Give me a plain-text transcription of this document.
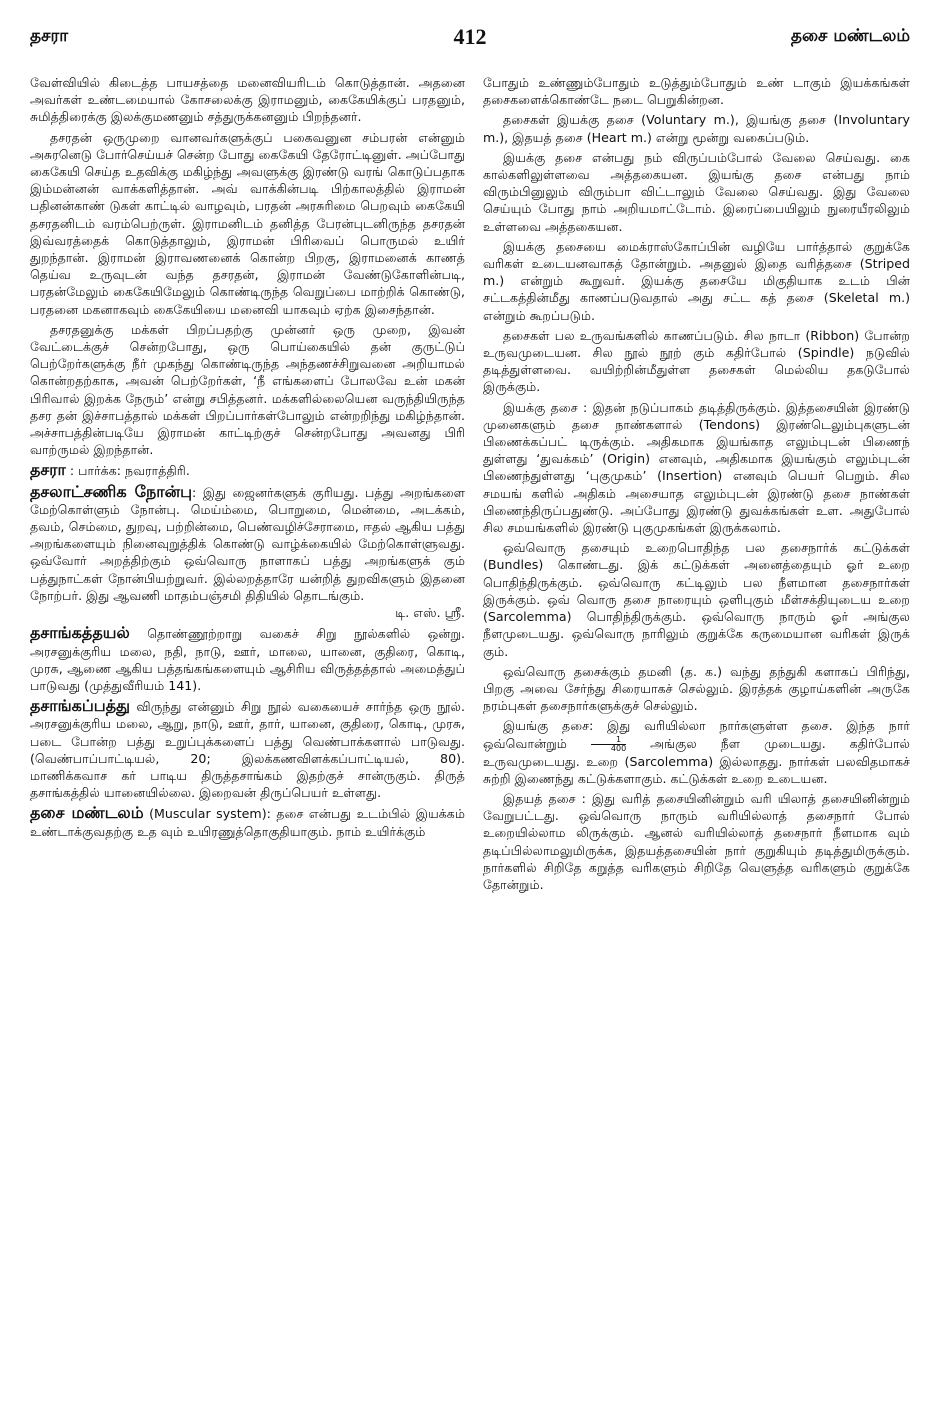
தசரா	412	தசை மண்டலம்

வேள்வியில் கிடைத்த பாயசத்தை மனைவியரிடம் கொடுத்தான். அதனை அவர்கள் உண்டமையால் கோசலைக்கு இராமனும், கைகேயிக்குப் பரதனும், சுமித்திரைக்கு இலக்குமணனும் சத்துருக்கனனும் பிறந்தனர்.

தசரதன் ஒருமுறை வானவர்களுக்குப் பகைவனுன சம்பரன் என்னும் அசுரனெடு போர்செய்யச் சென்ற போது கைகேயி தேரோட்டினுள். அப்போது கைகேயி செய்த உதவிக்கு மகிழ்ந்து அவளுக்கு இரண்டு வரங் கொடுப்பதாக இம்மன்னன் வாக்களித்தான். அவ் வாக்கின்படி பிற்காலத்தில் இராமன் பதினன்காண் டுகள் காட்டில் வாழவும், பரதன் அரசுரிமை பெறவும் கைகேயி தசரதனிடம் வரம்பெற்ருள். இராமனிடம் தனித்த பேரன்புடனிருந்த தசரதன் இவ்வரத்தைக் கொடுத்தாலும், இராமன் பிரிவைப் பொருமல் உயிர் துறந்தான். இராமன் இராவணனைக் கொன்ற பிறகு, இராமனைக் காணத் தெய்வ உருவுடன் வந்த தசரதன், இராமன் வேண்டுகோளின்படி, பரதன்மேலும் கைகேயிமேலும் கொண்டிருந்த வெறுப்பை மாற்றிக் கொண்டு, பரதனை மகனாகவும் கைகேயியை மனைவி யாகவும் ஏற்க இசைந்தான்.

தசரதனுக்கு மக்கள் பிறப்பதற்கு முன்னர் ஒரு முறை, இவன் வேட்டைக்குச் சென்றபோது, ஒரு பொய்கையில் தன் குருட்டுப் பெற்றேர்களுக்கு நீர் முகந்து கொண்டிருந்த அந்தணச்சிறுவனை அறியாமல் கொன்றதற்காக, அவன் பெற்றேர்கள், ‘நீ எங்களைப் போலவே உன் மகன் பிரிவால் இறக்க நேரும்’ என்று சபித்தனர். மக்களில்லையென வருந்தியிருந்த தசர தன் இச்சாபத்தால் மக்கள் பிறப்பார்கள்போலும் என்றறிந்து மகிழ்ந்தான். அச்சாபத்தின்படியே இராமன் காட்டிற்குச் சென்றபோது அவனது பிரி வாற்ருமல் இறந்தான்.

தசரா : பார்க்க: நவராத்திரி.

தசலாட்சணிக நோன்பு: இது ஜைனர்களுக் குரியது. பத்து அறங்களை மேற்கொள்ளும் நோன்பு. மெய்ம்மை, பொறுமை, மென்மை, அடக்கம், தவம், செம்மை, துறவு, பற்றின்மை, பெண்வழிச்சேராமை, ஈதல் ஆகிய பத்து அறங்களையும் நினைவுறுத்திக் கொண்டு வாழ்க்கையில் மேற்கொள்ளுவது. ஒவ்வோர் அறத்திற்கும் ஒவ்வொரு நாளாகப் பத்து அறங்களுக் கும் பத்துநாட்கள் நோன்பியற்றுவர். இல்லறத்தாரே யன்றித் துறவிகளும் இதனை நோற்பர். இது ஆவணி மாதம்பஞ்சமி திதியில் தொடங்கும்.
டி. எஸ். ஸ்ரீ.

தசாங்கத்தயல் தொண்ணூற்றாறு வகைச் சிறு நூல்களில் ஒன்று. அரசனுக்குரிய மலை, நதி, நாடு, ஊர், மாலை, யானை, குதிரை, கொடி, முரசு, ஆணை ஆகிய பத்தங்கங்களையும் ஆசிரிய விருத்தத்தால் அமைத்துப் பாடுவது (முத்துவீரியம் 141).

தசாங்கப்பத்து விருந்து என்னும் சிறு நூல் வகையைச் சார்ந்த ஒரு நூல். அரசனுக்குரிய மலை, ஆறு, நாடு, ஊர், தார், யானை, குதிரை, கொடி, முரசு, படை போன்ற பத்து உறுப்புக்களைப் பத்து வெண்பாக்களால் பாடுவது. (வெண்பாப்பாட்டியல், 20; இலக்கணவிளக்கப்பாட்டியல், 80). மாணிக்கவாச கர் பாடிய திருத்தசாங்கம் இதற்குச் சான்ருகும். திருத் தசாங்கத்தில் யானையில்லை. இறைவன் திருப்பெயர் உள்ளது.

தசை மண்டலம் (Muscular system): தசை என்பது உடம்பில் இயக்கம் உண்டாக்குவதற்கு உத வும் உயிரணுத்தொகுதியாகும். நாம் உயிர்க்கும்

போதும் உண்ணும்போதும் உடுத்தும்போதும் உண் டாகும் இயக்கங்கள் தசைகளைக்கொண்டே நடை பெறுகின்றன.

தசைகள் இயக்கு தசை (Voluntary m.), இயங்கு தசை (Involuntary m.), இதயத் தசை (Heart m.) என்று மூன்று வகைப்படும்.

இயக்கு தசை என்பது நம் விருப்பம்போல் வேலை செய்வது. கை கால்களிலுள்ளவை அத்தகையன. இயங்கு தசை என்பது நாம் விரும்பினுலும் விரும்பா விட்டாலும் வேலை செய்வது. இது வேலை செய்யும் போது நாம் அறியமாட்டோம். இரைப்பையிலும் நுரையீரலிலும் உள்ளவை அத்தகையன.

இயக்கு தசையை மைக்ராஸ்கோப்பின் வழியே பார்த்தால் குறுக்கே வரிகள் உடையனவாகத் தோன்றும். அதனுல் இதை வரித்தசை (Striped m.) என்றும் கூறுவர். இயக்கு தசையே மிகுதியாக உடம் பின் சட்டகத்தின்மீது காணப்படுவதால் அது சட்ட கத் தசை (Skeletal m.) என்றும் கூறப்படும்.

தசைகள் பல உருவங்களில் காணப்படும். சில நாடா (Ribbon) போன்ற உருவமுடையன. சில நூல் நூற் கும் கதிர்போல் (Spindle) நடுவில் தடித்துள்ளவை. வயிற்றின்மீதுள்ள தசைகள் மெல்லிய தகடுபோல் இருக்கும்.

இயக்கு தசை : இதன் நடுப்பாகம் தடித்திருக்கும். இத்தசையின் இரண்டு முனைகளும் தசை நாண்களால் (Tendons) இரண்டெலும்புகளுடன் பிணைக்கப்பட் டிருக்கும். அதிகமாக இயங்காத எலும்புடன் பிணைந் துள்ளது ‘துவக்கம்’ (Origin) எனவும், அதிகமாக இயங்கும் எலும்புடன் பிணைந்துள்ளது ‘புகுமுகம்’ (Insertion) எனவும் பெயர் பெறும். சில சமயங் களில் அதிகம் அசையாத எலும்புடன் இரண்டு தசை நாண்கள் பிணைந்திருப்பதுண்டு. அப்போது இரண்டு துவக்கங்கள் உள. அதுபோல் சில சமயங்களில் இரண்டு புகுமுகங்கள் இருக்கலாம்.

ஒவ்வொரு தசையும் உறைபொதிந்த பல தசைநார்க் கட்டுக்கள் (Bundles) கொண்டது. இக் கட்டுக்கள் அனைத்தையும் ஓர் உறை பொதிந்திருக்கும். ஒவ்வொரு கட்டிலும் பல நீளமான தசைநார்கள் இருக்கும். ஒவ் வொரு தசை நாரையும் ஒளிபுகும் மீள்சக்தியுடைய உறை (Sarcolemma) பொதிந்திருக்கும். ஒவ்வொரு நாரும் ஓர் அங்குல நீளமுடையது. ஒவ்வொரு நாரிலும் குறுக்கே கருமையான வரிகள் இருக் கும்.

ஒவ்வொரு தசைக்கும் தமனி (த. க.) வந்து தந்துகி களாகப் பிரிந்து, பிறகு அவை சேர்ந்து சிரையாகச் செல்லும். இரத்தக் குழாய்களின் அருகே நரம்புகள் தசைநார்களுக்குச் செல்லும்.

இயங்கு தசை: இது வரியில்லா நார்களுள்ள தசை. இந்த நார் ஒவ்வொன்றும்	$\frac{1}{400}$ அங்குல நீள முடையது. கதிர்போல் உருவமுடையது. உறை (Sarcolemma) இல்லாதது. நார்கள் பலவிதமாகச் சுற்றி இணைந்து கட்டுக்களாகும். கட்டுக்கள் உறை உடையன.

இதயத் தசை : இது வரித் தசையினின்றும் வரி யிலாத் தசையினின்றும் வேறுபட்டது. ஒவ்வொரு நாரும் வரியில்லாத் தசைநார் போல் உறையில்லாம லிருக்கும். ஆனல் வரியில்லாத் தசைநார் நீளமாக வும் தடிப்பில்லாமலுமிருக்க, இதயத்தசையின் நார் குறுகியும் தடித்துமிருக்கும். நார்களில் சிறிதே கறுத்த வரிகளும் சிறிதே வெளுத்த வரிகளும் குறுக்கே தோன்றும்.
